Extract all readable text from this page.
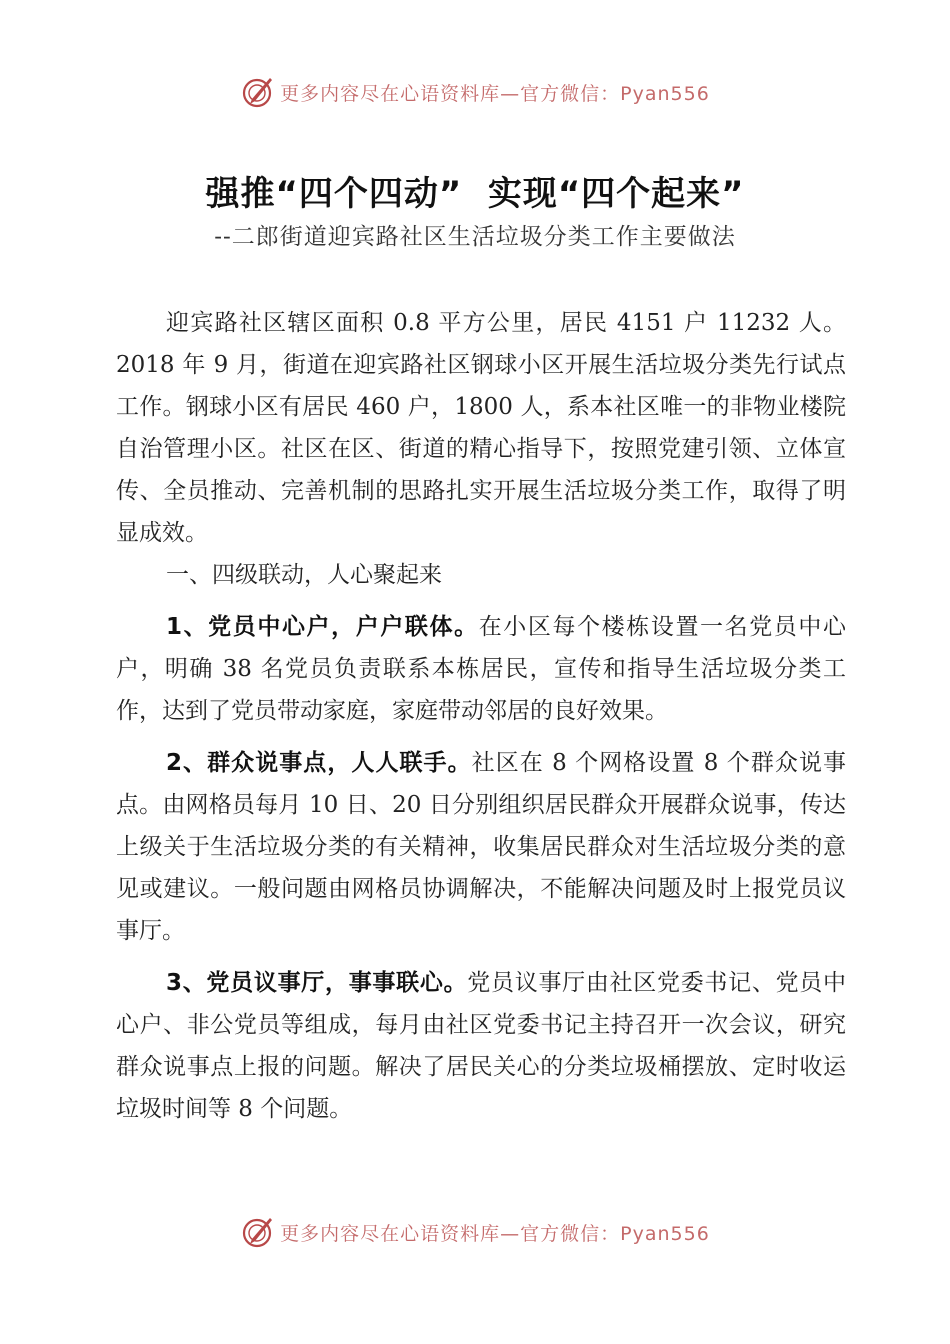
更多内容尽在心语资料库—官方微信：Pyan556
强推“四个四动”  实现“四个起来”
--二郎街道迎宾路社区生活垃圾分类工作主要做法

迎宾路社区辖区面积 0.8 平方公里，居民 4151 户 11232 人。2018 年 9 月，街道在迎宾路社区钢球小区开展生活垃圾分类先行试点工作。钢球小区有居民 460 户，1800 人，系本社区唯一的非物业楼院自治管理小区。社区在区、街道的精心指导下，按照党建引领、立体宣传、全员推动、完善机制的思路扎实开展生活垃圾分类工作，取得了明显成效。

一、四级联动，人心聚起来

1、党员中心户，户户联体。在小区每个楼栋设置一名党员中心户，明确 38 名党员负责联系本栋居民，宣传和指导生活垃圾分类工作，达到了党员带动家庭，家庭带动邻居的良好效果。

2、群众说事点，人人联手。社区在 8 个网格设置 8 个群众说事点。由网格员每月 10 日、20 日分别组织居民群众开展群众说事，传达上级关于生活垃圾分类的有关精神，收集居民群众对生活垃圾分类的意见或建议。一般问题由网格员协调解决，不能解决问题及时上报党员议事厅。

3、党员议事厅，事事联心。党员议事厅由社区党委书记、党员中心户、非公党员等组成，每月由社区党委书记主持召开一次会议，研究群众说事点上报的问题。解决了居民关心的分类垃圾桶摆放、定时收运垃圾时间等 8 个问题。

更多内容尽在心语资料库—官方微信：Pyan556
